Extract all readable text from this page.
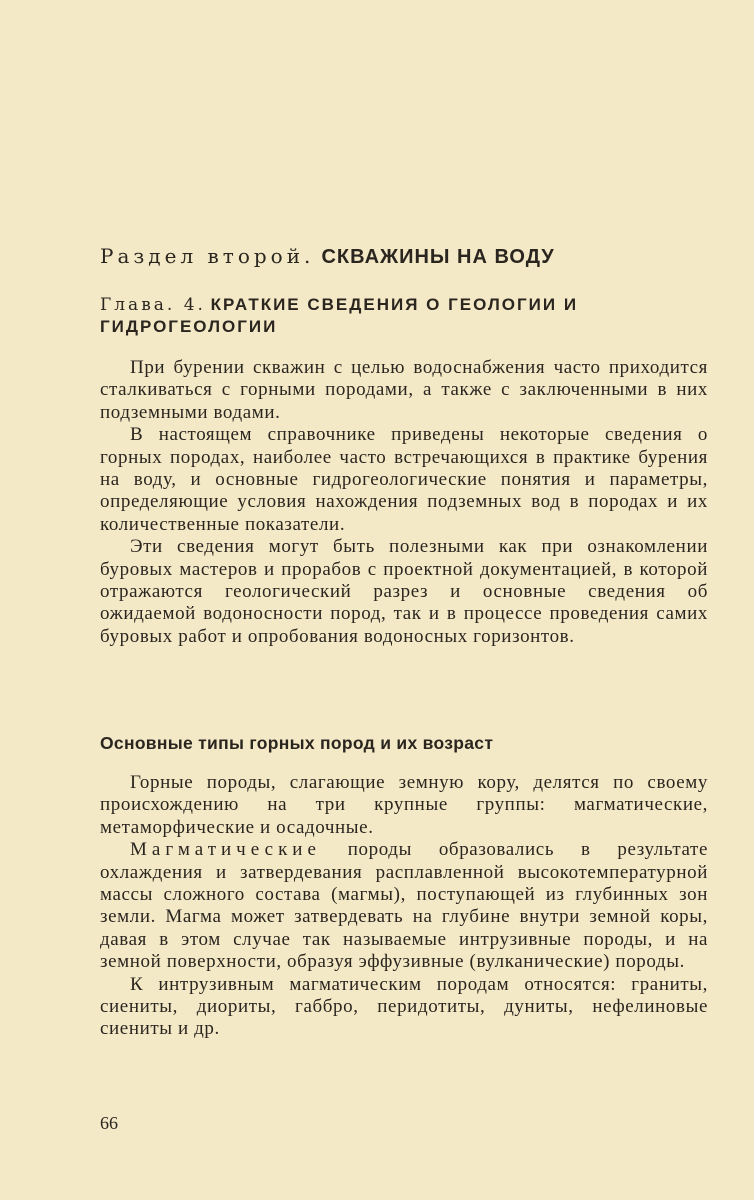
Раздел второй. СКВАЖИНЫ НА ВОДУ
Глава. 4. КРАТКИЕ СВЕДЕНИЯ О ГЕОЛОГИИ И ГИДРОГЕОЛОГИИ

При бурении скважин с целью водоснабжения часто приходится сталкиваться с горными породами, а также с заключенными в них подземными водами.

В настоящем справочнике приведены некоторые сведения о горных породах, наиболее часто встречающихся в практике бурения на воду, и основные гидрогеологические понятия и параметры, определяющие условия нахождения подземных вод в породах и их количественные показатели.

Эти сведения могут быть полезными как при ознакомлении буровых мастеров и прорабов с проектной документацией, в которой отражаются геологический разрез и основные сведения об ожидаемой водоносности пород, так и в процессе проведения самих буровых работ и опробования водоносных горизонтов.

Основные типы горных пород и их возраст

Горные породы, слагающие земную кору, делятся по своему происхождению на три крупные группы: магматические, метаморфические и осадочные.

Магматические породы образовались в результате охлаждения и затвердевания расплавленной высокотемпературной массы сложного состава (магмы), поступающей из глубинных зон земли. Магма может затвердевать на глубине внутри земной коры, давая в этом случае так называемые интрузивные породы, и на земной поверхности, образуя эффузивные (вулканические) породы.

К интрузивным магматическим породам относятся: граниты, сиениты, диориты, габбро, перидотиты, дуниты, нефелиновые сиениты и др.

66
